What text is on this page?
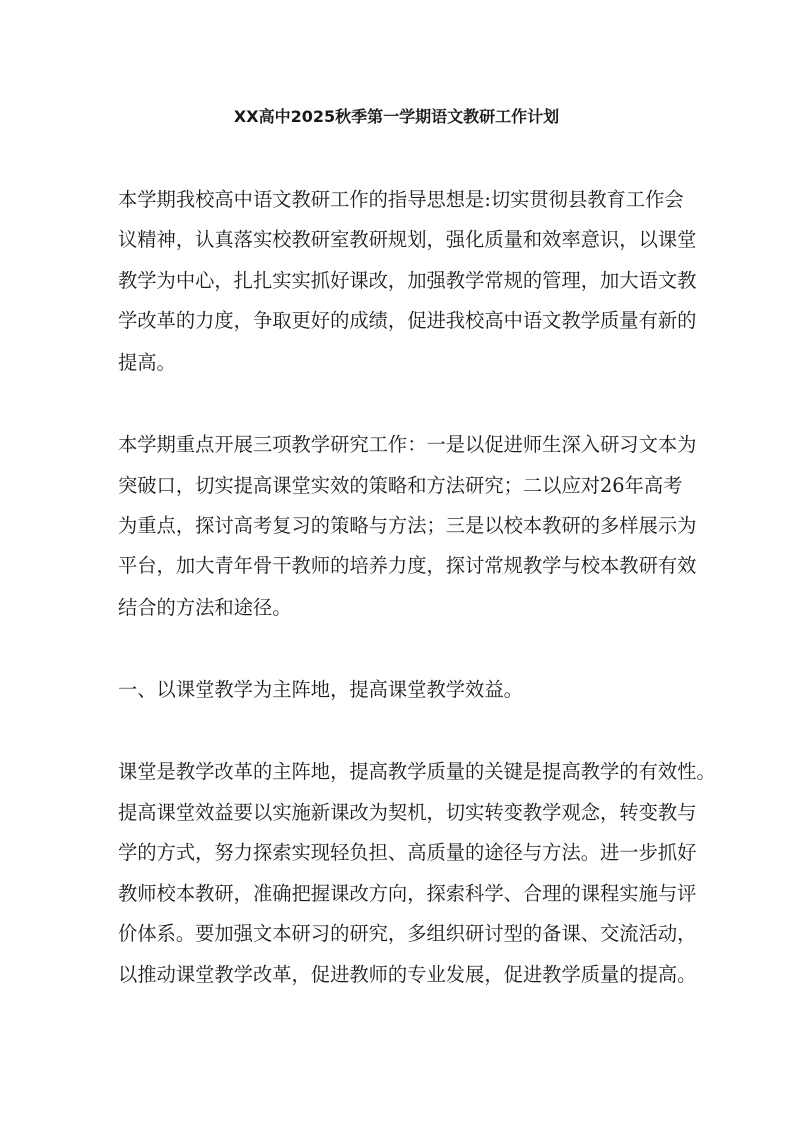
XX高中2025秋季第一学期语文教研工作计划
本学期我校高中语文教研工作的指导思想是:切实贯彻县教育工作会
议精神，认真落实校教研室教研规划，强化质量和效率意识，以课堂
教学为中心，扎扎实实抓好课改，加强教学常规的管理，加大语文教
学改革的力度，争取更好的成绩，促进我校高中语文教学质量有新的
提高。
本学期重点开展三项教学研究工作：一是以促进师生深入研习文本为
突破口，切实提高课堂实效的策略和方法研究；二以应对26年高考
为重点，探讨高考复习的策略与方法；三是以校本教研的多样展示为
平台，加大青年骨干教师的培养力度，探讨常规教学与校本教研有效
结合的方法和途径。
一、以课堂教学为主阵地，提高课堂教学效益。
课堂是教学改革的主阵地，提高教学质量的关键是提高教学的有效性。
提高课堂效益要以实施新课改为契机，切实转变教学观念，转变教与
学的方式，努力探索实现轻负担、高质量的途径与方法。进一步抓好
教师校本教研，准确把握课改方向，探索科学、合理的课程实施与评
价体系。要加强文本研习的研究，多组织研讨型的备课、交流活动，
以推动课堂教学改革，促进教师的专业发展，促进教学质量的提高。
